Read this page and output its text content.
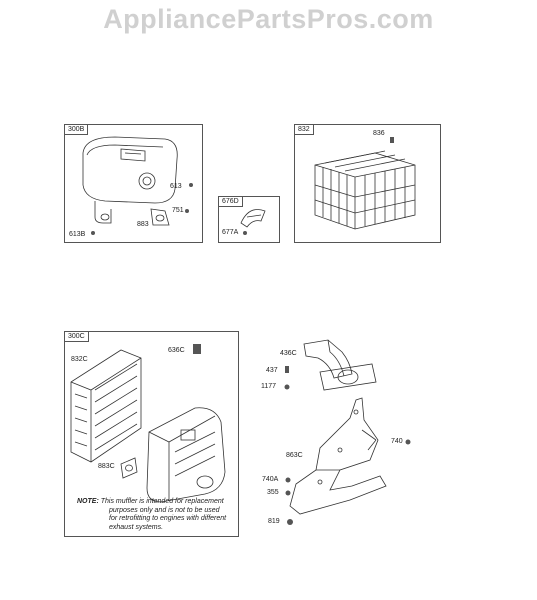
AppliancePartsPros.com
300B
613
751
883
613B
676D
677A
832
836
300C
832C
636C
883C
NOTE: This muffler is intended for replacement
purposes only and is not to be used
for retrofitting to engines with different
exhaust systems.
436C
437
1177
863C
740
740A
355
819
